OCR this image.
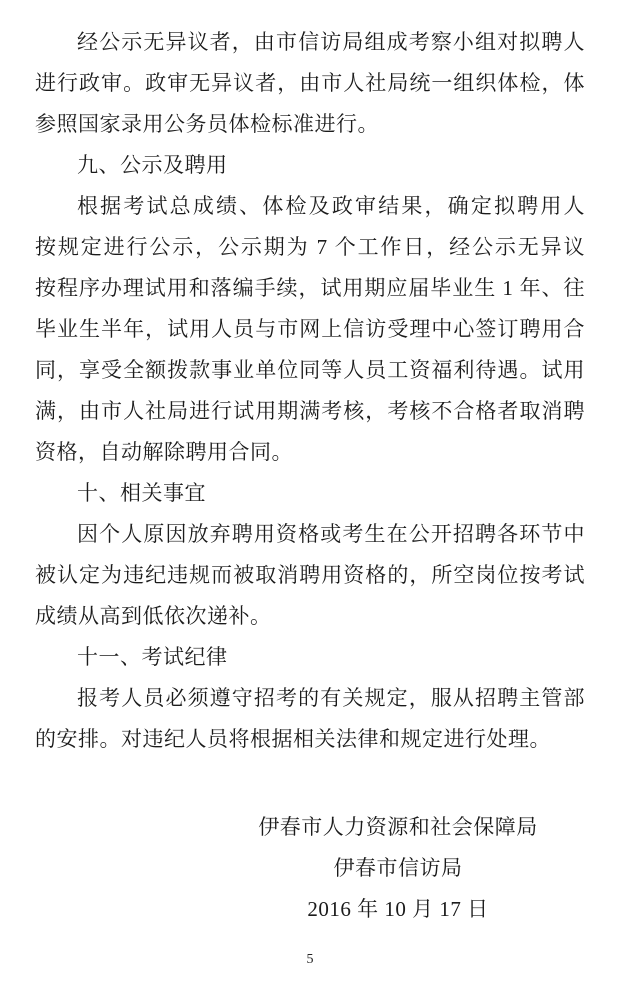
经公示无异议者，由市信访局组成考察小组对拟聘人
进行政审。政审无异议者，由市人社局统一组织体检，体
参照国家录用公务员体检标准进行。
九、公示及聘用
根据考试总成绩、体检及政审结果，确定拟聘用人
按规定进行公示，公示期为 7 个工作日，经公示无异议
按程序办理试用和落编手续，试用期应届毕业生 1 年、往
毕业生半年，试用人员与市网上信访受理中心签订聘用合
同，享受全额拨款事业单位同等人员工资福利待遇。试用
满，由市人社局进行试用期满考核，考核不合格者取消聘
资格，自动解除聘用合同。
十、相关事宜
因个人原因放弃聘用资格或考生在公开招聘各环节中
被认定为违纪违规而被取消聘用资格的，所空岗位按考试
成绩从高到低依次递补。
十一、考试纪律
报考人员必须遵守招考的有关规定，服从招聘主管部
的安排。对违纪人员将根据相关法律和规定进行处理。
伊春市人力资源和社会保障局
伊春市信访局
2016 年 10 月 17 日
5
